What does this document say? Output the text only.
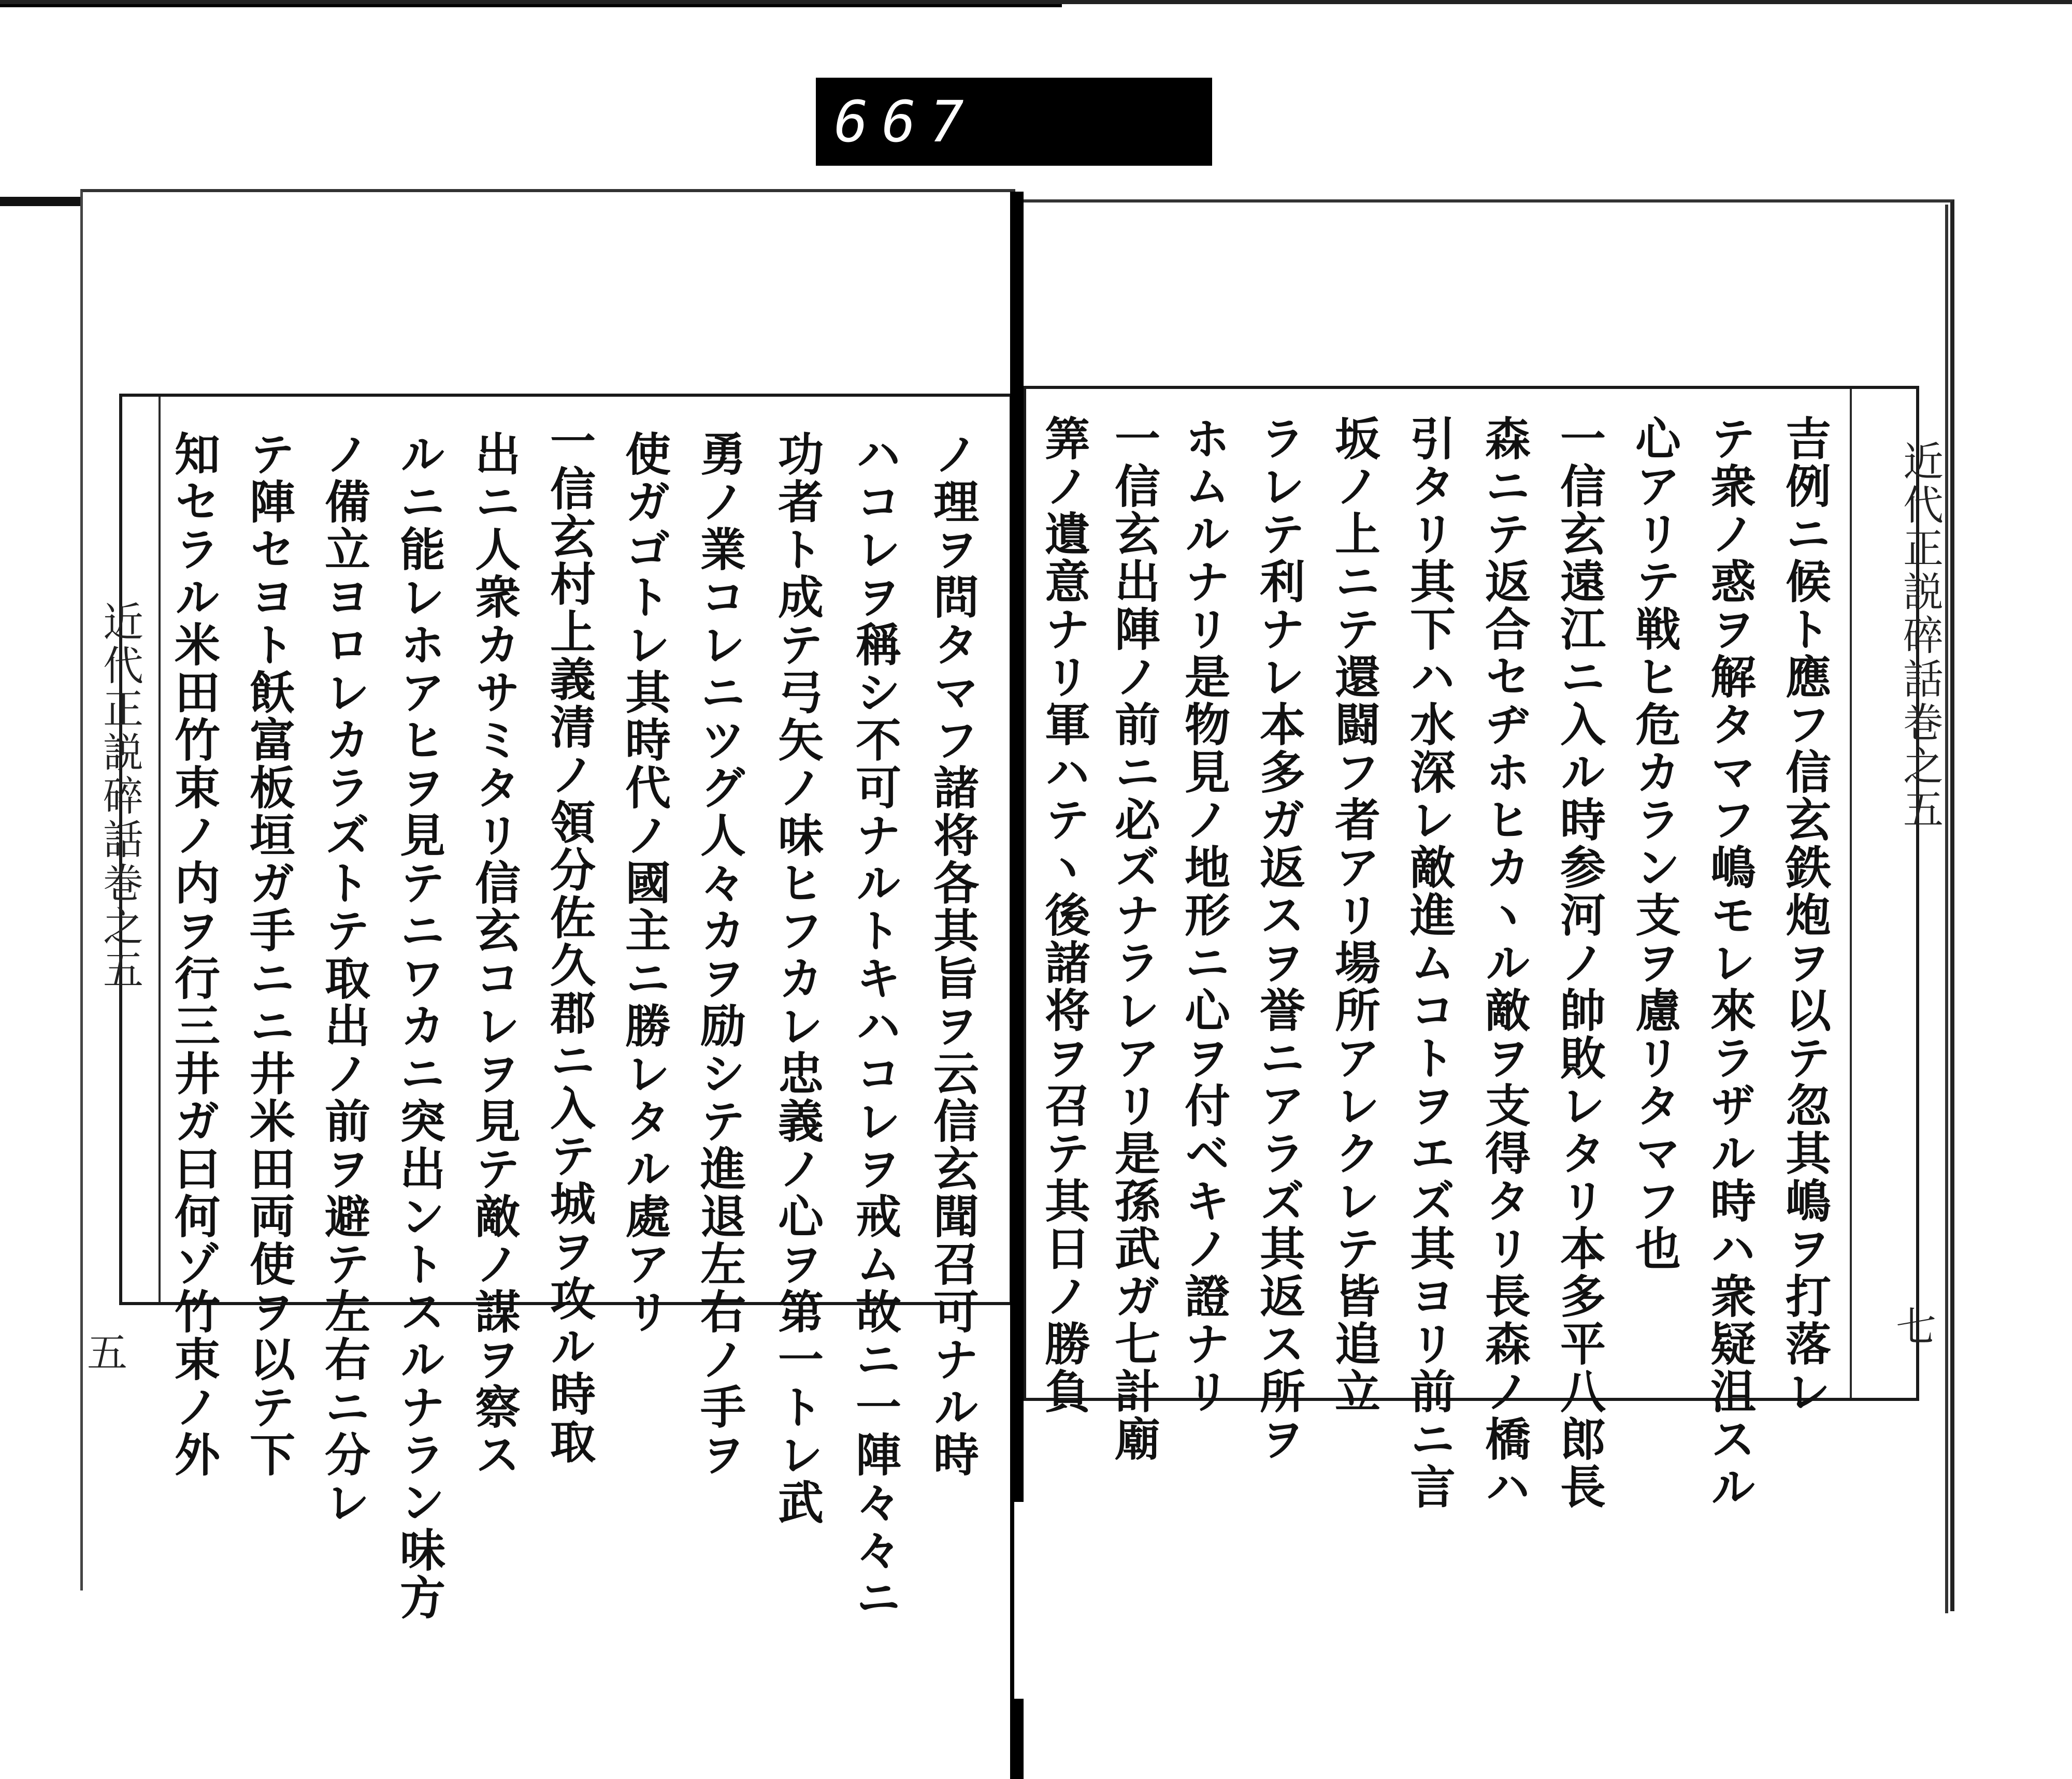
667
ノ理ヲ問タマフ諸将各其旨ヲ云信玄聞召可ナル時
ハコレヲ稱シ不可ナルトキハコレヲ戒ム故ニ一陣々々ニ
功者ト成テ弓矢ノ味ヒフカレ忠義ノ心ヲ第一トレ武
勇ノ業コレニツグ人々カヲ励シテ進退左右ノ手ヲ
使ガゴトレ其時代ノ國主ニ勝レタル處アリ
一信玄村上義清ノ領分佐久郡ニ入テ城ヲ攻ル時取
出ニ人衆カサミタリ信玄コレヲ見テ敵ノ謀ヲ察ス
ルニ能レホアヒヲ見テニワカニ突出ントスルナラン味方
ノ備立ヨロレカラズトテ取出ノ前ヲ避テ左右ニ分レ
テ陣セヨト飫富板垣ガ手ニニ井米田両使ヲ以テ下
知セラル米田竹束ノ内ヲ行三井ガ曰何ゾ竹束ノ外
近代正説碎話巻之五
五	吉例ニ候ト應フ信玄鉄炮ヲ以テ忽其嶋ヲ打落レ
テ衆ノ惑ヲ解タマフ嶋モレ來ラザル時ハ衆疑沮スル
心アリテ戦ヒ危カラン支ヲ慮リタマフ也
一信玄遠江ニ入ル時参河ノ帥敗レタリ本多平八郎長
森ニテ返合セヂホヒカヽル敵ヲ支得タリ長森ノ橋ハ
引タリ其下ハ水深レ敵進ムコトヲエズ其ヨリ前ニ言
坂ノ上ニテ還闘フ者アリ場所アレクレテ皆追立
ラレテ利ナレ本多ガ返スヲ誉ニアラズ其返ス所ヲ
ホムルナリ是物見ノ地形ニ心ヲ付ベキノ證ナリ
一信玄出陣ノ前ニ必ズナラレアリ是孫武ガ七計廟
筭ノ遺意ナリ軍ハテヽ後諸将ヲ召テ其日ノ勝負	近代正説碎話巻之五
七
